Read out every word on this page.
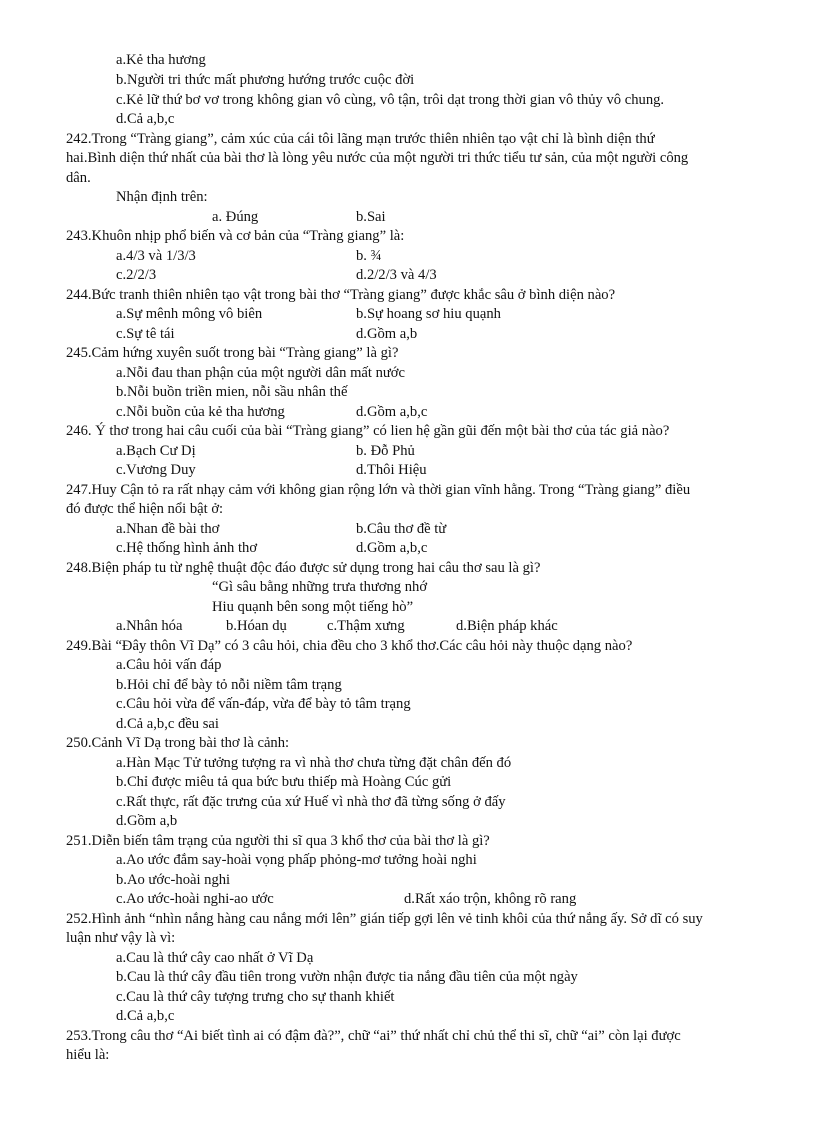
a.Kẻ tha hương
b.Người tri thức mất phương hướng trước cuộc đời
c.Kẻ lữ thứ bơ vơ trong không gian vô cùng, vô tận, trôi dạt trong thời gian vô thủy vô chung.
d.Cả a,b,c
242.Trong “Tràng giang”, cảm xúc của cái tôi lãng mạn trước thiên nhiên tạo vật chỉ là bình diện thứ
hai.Bình diện thứ nhất của bài thơ là lòng yêu nước của một người tri thức tiểu tư sản, của một người công
dân.
Nhận định trên:
a. Đúng	b.Sai
243.Khuôn nhịp phổ biến và cơ bản của “Tràng giang” là:
a.4/3 và 1/3/3	b. ¾
c.2/2/3	d.2/2/3 và 4/3
244.Bức tranh thiên nhiên tạo vật trong bài thơ “Tràng giang” được khắc sâu ở bình diện nào?
a.Sự mênh mông vô biên	b.Sự hoang sơ hiu quạnh
c.Sự tê tái	d.Gồm a,b
245.Cảm hứng xuyên suốt trong bài “Tràng giang” là gì?
a.Nỗi đau than phận của một người dân mất nước
b.Nỗi buồn triền mien, nỗi sầu nhân thế
c.Nỗi buồn của kẻ tha hương	d.Gồm a,b,c
246. Ý thơ trong hai câu cuối của bài “Tràng giang” có lien hệ gần gũi đến một bài thơ của tác giả nào?
a.Bạch Cư Dị	b. Đỗ Phủ
c.Vương Duy	d.Thôi Hiệu
247.Huy Cận tỏ ra rất nhạy cảm với không gian rộng lớn và thời gian vĩnh hằng. Trong “Tràng giang” điều
đó được thể hiện nổi bật ở:
a.Nhan đề bài thơ	b.Câu thơ đề từ
c.Hệ thống hình ảnh thơ	d.Gồm a,b,c
248.Biện pháp tu từ nghệ thuật độc đáo được sử dụng trong hai câu thơ sau là gì?
“Gì sâu bằng những trưa thương nhớ
Hiu quạnh bên song một tiếng hò”
a.Nhân hóa	b.Hóan dụ	c.Thậm xưng	d.Biện pháp khác
249.Bài “Đây thôn Vĩ Dạ” có 3 câu hỏi, chia đều cho 3 khổ thơ.Các câu hỏi này thuộc dạng nào?
a.Câu hỏi vấn đáp
b.Hỏi chỉ để bày tỏ nỗi niềm tâm trạng
c.Câu hỏi vừa để vấn-đáp, vừa để bày tỏ tâm trạng
d.Cả a,b,c đều sai
250.Cảnh Vĩ Dạ trong bài thơ là cảnh:
a.Hàn Mạc Tử tưởng tượng ra vì nhà thơ chưa từng đặt chân đến đó
b.Chỉ được miêu tả qua bức bưu thiếp mà Hoàng Cúc gửi
c.Rất thực, rất đặc trưng của xứ Huế vì nhà thơ đã từng sống ở đấy
d.Gồm a,b
251.Diễn biến tâm trạng của người thi sĩ qua 3 khổ thơ của bài thơ là gì?
a.Ao ước đắm say-hoài vọng phấp phỏng-mơ tưởng hoài nghi
b.Ao ước-hoài nghi
c.Ao ước-hoài nghi-ao ước	d.Rất xáo trộn, không rõ rang
252.Hình ảnh “nhìn nắng hàng cau nắng mới lên” gián tiếp gợi lên vẻ tinh khôi của thứ nắng ấy. Sở dĩ có suy
luận như vậy là vì:
a.Cau là thứ cây cao nhất ở Vĩ Dạ
b.Cau là thứ cây đầu tiên trong vườn nhận được tia nắng đầu tiên của một ngày
c.Cau là thứ cây tượng trưng cho sự thanh khiết
d.Cả a,b,c
253.Trong câu thơ “Ai biết tình ai có đậm đà?”, chữ “ai” thứ nhất chỉ chủ thể thi sĩ, chữ “ai” còn lại được
hiểu là:
